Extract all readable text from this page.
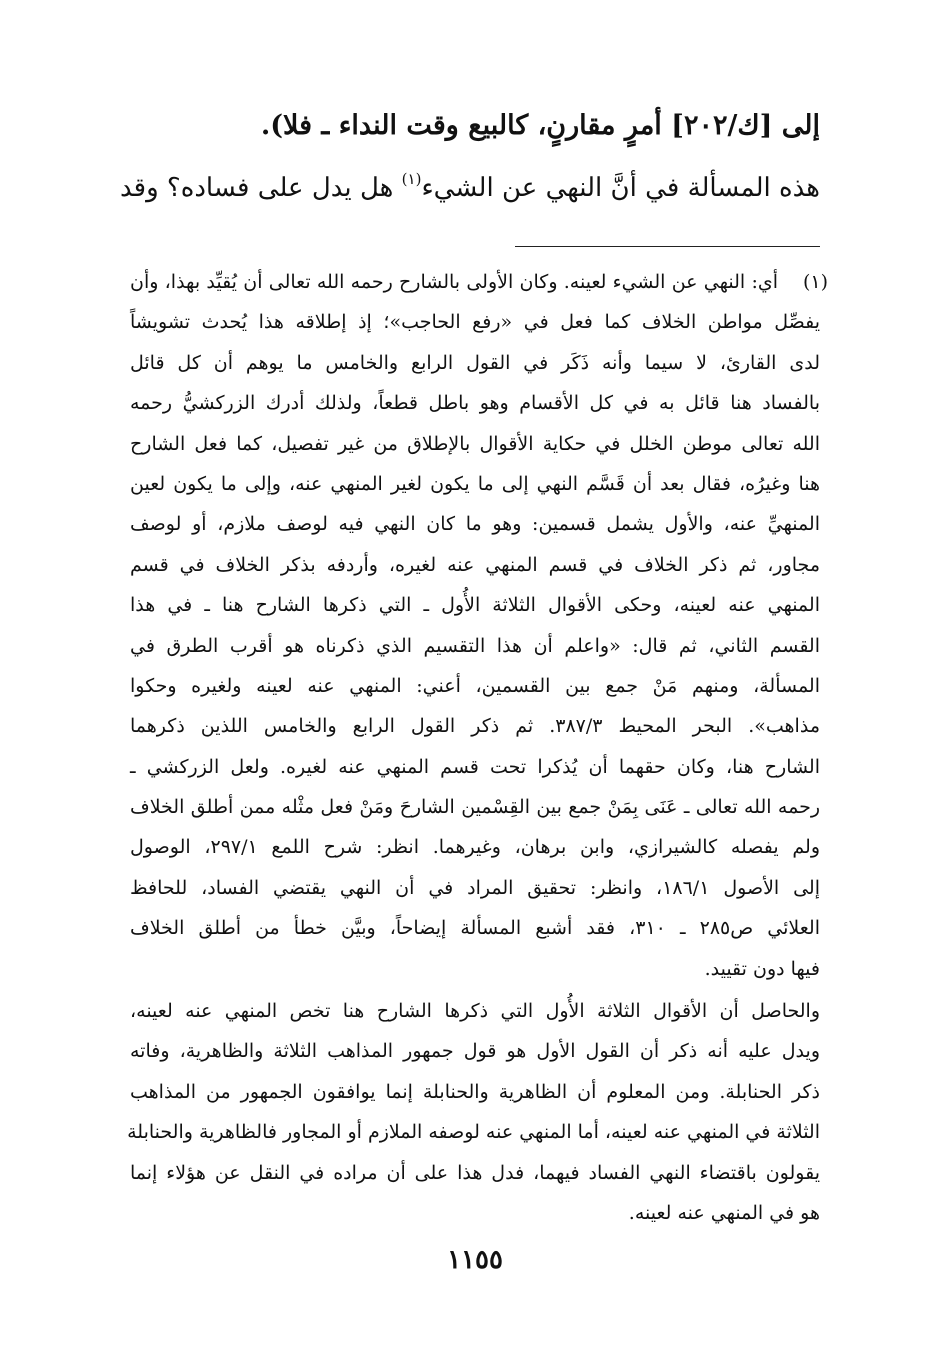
إلى [ك/٢٠٢] أمرٍ مقارنٍ، كالبيع وقت النداء ـ فلا).
هذه المسألة في أنَّ النهي عن الشيء$^{(١)}$ هل يدل على فساده؟ وقد
(١)
أي: النهي عن الشيء لعينه. وكان الأولى بالشارح رحمه الله تعالى أن يُقيِّد بهذا، وأن
يفصِّل مواطن الخلاف كما فعل في «رفع الحاجب»؛ إذ إطلاقه هذا يُحدث تشويشاً
لدى القارئ، لا سيما وأنه ذَكَر في القول الرابع والخامس ما يوهم أن كل قائل
بالفساد هنا قائل به في كل الأقسام وهو باطل قطعاً، ولذلك أدرك الزركشيُّ رحمه
الله تعالى موطن الخلل في حكاية الأقوال بالإطلاق من غير تفصيل، كما فعل الشارح
هنا وغيرُه، فقال بعد أن قَسَّم النهي إلى ما يكون لغير المنهي عنه، وإلى ما يكون لعين
المنهيِّ عنه، والأول يشمل قسمين: وهو ما كان النهي فيه لوصف ملازم، أو لوصف
مجاور، ثم ذكر الخلاف في قسم المنهي عنه لغيره، وأردفه بذكر الخلاف في قسم
المنهي عنه لعينه، وحكى الأقوال الثلاثة الأُول ـ التي ذكرها الشارح هنا ـ في هذا
القسم الثاني، ثم قال: «واعلم أن هذا التقسيم الذي ذكرناه هو أقرب الطرق في
المسألة، ومنهم مَنْ جمع بين القسمين، أعني: المنهي عنه لعينه ولغيره وحكوا
مذاهب». البحر المحيط ٣٨٧/٣. ثم ذكر القول الرابع والخامس اللذين ذكرهما
الشارح هنا، وكان حقهما أن يُذكرا تحت قسم المنهي عنه لغيره. ولعل الزركشي ـ
رحمه الله تعالى ـ عَنَى بِمَنْ جمع بين القِسْمين الشارحَ ومَنْ فعل مثْله ممن أطلق الخلاف
ولم يفصله كالشيرازي، وابن برهان، وغيرهما. انظر: شرح اللمع ٢٩٧/١، الوصول
إلى الأصول ١٨٦/١، وانظر: تحقيق المراد في أن النهي يقتضي الفساد، للحافظ
العلائي ص٢٨٥ ـ ٣١٠، فقد أشبع المسألة إيضاحاً، وبيَّن خطأ من أطلق الخلاف
فيها دون تقييد.
والحاصل أن الأقوال الثلاثة الأُول التي ذكرها الشارح هنا تخص المنهي عنه لعينه،
ويدل عليه أنه ذكر أن القول الأول هو قول جمهور المذاهب الثلاثة والظاهرية، وفاته
ذكر الحنابلة. ومن المعلوم أن الظاهرية والحنابلة إنما يوافقون الجمهور من المذاهب
الثلاثة في المنهي عنه لعينه، أما المنهي عنه لوصفه الملازم أو المجاور فالظاهرية والحنابلة
يقولون باقتضاء النهي الفساد فيهما، فدل هذا على أن مراده في النقل عن هؤلاء إنما
هو في المنهي عنه لعينه.
١١٥٥
